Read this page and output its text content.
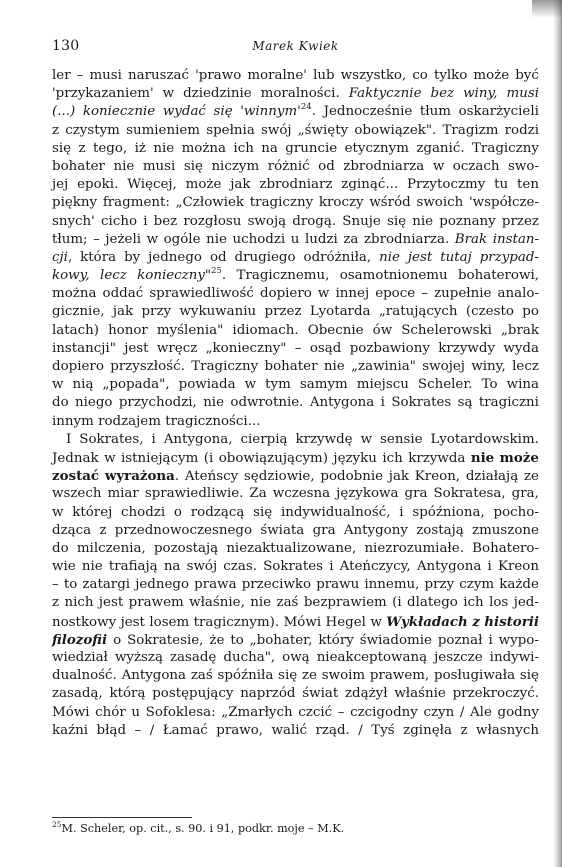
130	Marek Kwiek
ler – musi naruszać 'prawo moralne' lub wszystko, co tylko może być
'przykazaniem' w dziedzinie moralności. Faktycznie bez winy, musi
(...) koniecznie wydać się '$winnym'^{24}$. Jednocześnie tłum oskarżycieli
z czystym sumieniem spełnia swój „święty obowiązek". Tragizm rodzi
się z tego, iż nie można ich na gruncie etycznym zganić. Tragiczny
bohater nie musi się niczym różnić od zbrodniarza w oczach swo-
jej epoki. Więcej, może jak zbrodniarz zginąć... Przytoczmy tu ten
piękny fragment: „Człowiek tragiczny kroczy wśród swoich 'współcze-
snych' cicho i bez rozgłosu swoją drogą. Snuje się nie poznany przez
tłum; – jeżeli w ogóle nie uchodzi u ludzi za zbrodniarza. Brak instan-
cji, która by jednego od drugiego odróżniła, nie jest tutaj przypad-
kowy, lecz konieczny"$^{25}$. Tragicznemu, osamotnionemu bohaterowi,
można oddać sprawiedliwość dopiero w innej epoce – zupełnie analo-
gicznie, jak przy wykuwaniu przez Lyotarda „ratujących (czesto po
latach) honor myślenia" idiomach. Obecnie ów Schelerowski „brak
instancji" jest wręcz „konieczny" – osąd pozbawiony krzywdy wyda
dopiero przyszłość. Tragiczny bohater nie „zawinia" swojej winy, lecz
w nią „popada", powiada w tym samym miejscu Scheler. To wina
do niego przychodzi, nie odwrotnie. Antygona i Sokrates są tragiczni
innym rodzajem tragiczności...
I Sokrates, i Antygona, cierpią krzywdę w sensie Lyotardowskim.
Jednak w istniejącym (i obowiązującym) języku ich krzywda nie może
zostać wyrażona. Ateńscy sędziowie, podobnie jak Kreon, działają ze
wszech miar sprawiedliwie. Za wczesna językowa gra Sokratesa, gra,
w której chodzi o rodzącą się indywidualność, i spóźniona, pocho-
dząca z przednowoczesnego świata gra Antygony zostają zmuszone
do milczenia, pozostają niezaktualizowane, niezrozumiałe. Bohatero-
wie nie trafiają na swój czas. Sokrates i Ateńczycy, Antygona i Kreon
– to zatargi jednego prawa przeciwko prawu innemu, przy czym każde
z nich jest prawem właśnie, nie zaś bezprawiem (i dlatego ich los jed-
nostkowy jest losem tragicznym). Mówi Hegel w Wykładach z historii
filozofii o Sokratesie, że to „bohater, który świadomie poznał i wypo-
wiedział wyższą zasadę ducha", ową nieakceptowaną jeszcze indywi-
dualność. Antygona zaś spóźniła się ze swoim prawem, posługiwała się
zasadą, którą postępujący naprzód świat zdążył właśnie przekroczyć.
Mówi chór u Sofoklesa: „Zmarłych czcić – czcigodny czyn / Ale godny
kaźni błąd – / Łamać prawo, walić rząd. / Tyś zginęła z własnych
$^{25}$M. Scheler, op. cit., s. 90. i 91, podkr. moje – M.K.
